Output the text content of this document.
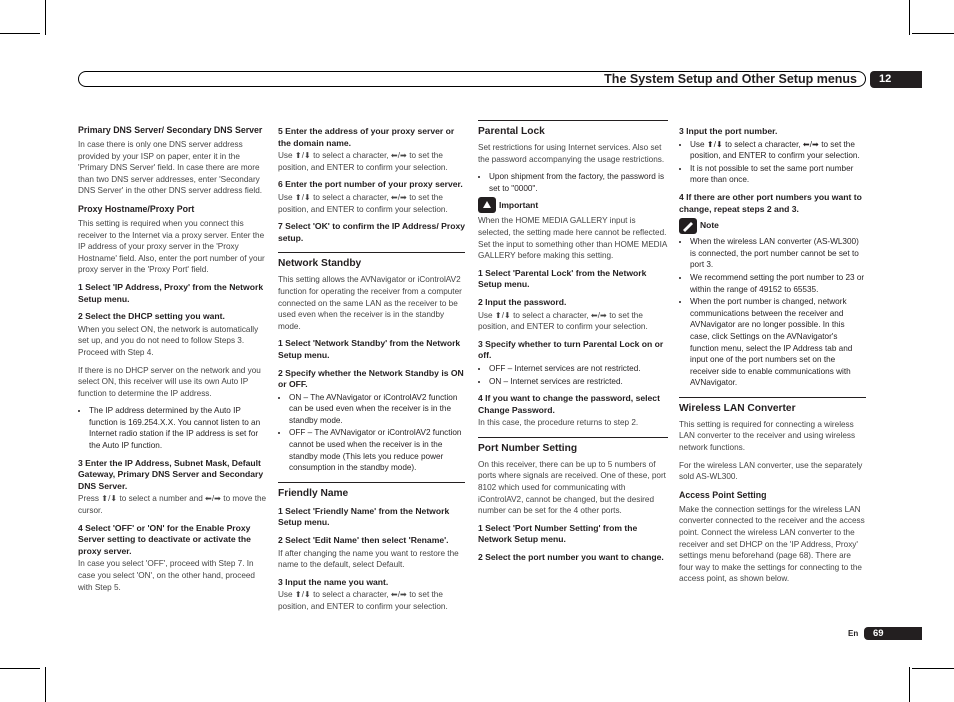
The System Setup and Other Setup menus	12
Primary DNS Server/ Secondary DNS Server
In case there is only one DNS server address provided by your ISP on paper, enter it in the 'Primary DNS Server' field. In case there are more than two DNS server addresses, enter 'Secondary DNS Server' in the other DNS server address field.
Proxy Hostname/Proxy Port
This setting is required when you connect this receiver to the Internet via a proxy server. Enter the IP address of your proxy server in the 'Proxy Hostname' field. Also, enter the port number of your proxy server in the 'Proxy Port' field.
1 Select 'IP Address, Proxy' from the Network Setup menu.
2 Select the DHCP setting you want.
When you select ON, the network is automatically set up, and you do not need to follow Steps 3. Proceed with Step 4.
If there is no DHCP server on the network and you select ON, this receiver will use its own Auto IP function to determine the IP address.
• The IP address determined by the Auto IP function is 169.254.X.X. You cannot listen to an Internet radio station if the IP address is set for the Auto IP function.
3 Enter the IP Address, Subnet Mask, Default Gateway, Primary DNS Server and Secondary DNS Server.
Press ⬆/⬇ to select a number and ⬅/➡ to move the cursor.
4 Select 'OFF' or 'ON' for the Enable Proxy Server setting to deactivate or activate the proxy server.
In case you select 'OFF', proceed with Step 7. In case you select 'ON', on the other hand, proceed with Step 5.
5 Enter the address of your proxy server or the domain name.
Use ⬆/⬇ to select a character, ⬅/➡ to set the position, and ENTER to confirm your selection.
6 Enter the port number of your proxy server.
Use ⬆/⬇ to select a character, ⬅/➡ to set the position, and ENTER to confirm your selection.
7 Select 'OK' to confirm the IP Address/ Proxy setup.
Network Standby
This setting allows the AVNavigator or iControlAV2 function for operating the receiver from a computer connected on the same LAN as the receiver to be used even when the receiver is in the standby mode.
1 Select 'Network Standby' from the Network Setup menu.
2 Specify whether the Network Standby is ON or OFF.
• ON – The AVNavigator or iControlAV2 function can be used even when the receiver is in the standby mode.
• OFF – The AVNavigator or iControlAV2 function cannot be used when the receiver is in the standby mode (This lets you reduce power consumption in the standby mode).
Friendly Name
1 Select 'Friendly Name' from the Network Setup menu.
2 Select 'Edit Name' then select 'Rename'.
If after changing the name you want to restore the name to the default, select Default.
3 Input the name you want.
Use ⬆/⬇ to select a character, ⬅/➡ to set the position, and ENTER to confirm your selection.
Parental Lock
Set restrictions for using Internet services. Also set the password accompanying the usage restrictions.
• Upon shipment from the factory, the password is set to "0000".
Important
When the HOME MEDIA GALLERY input is selected, the setting made here cannot be reflected. Set the input to something other than HOME MEDIA GALLERY before making this setting.
1 Select 'Parental Lock' from the Network Setup menu.
2 Input the password.
Use ⬆/⬇ to select a character, ⬅/➡ to set the position, and ENTER to confirm your selection.
3 Specify whether to turn Parental Lock on or off.
• OFF – Internet services are not restricted.
• ON – Internet services are restricted.
4 If you want to change the password, select Change Password.
In this case, the procedure returns to step 2.
Port Number Setting
On this receiver, there can be up to 5 numbers of ports where signals are received. One of these, port 8102 which used for communicating with iControlAV2, cannot be changed, but the desired number can be set for the 4 other ports.
1 Select 'Port Number Setting' from the Network Setup menu.
2 Select the port number you want to change.
3 Input the port number.
• Use ⬆/⬇ to select a character, ⬅/➡ to set the position, and ENTER to confirm your selection.
• It is not possible to set the same port number more than once.
4 If there are other port numbers you want to change, repeat steps 2 and 3.
Note
• When the wireless LAN converter (AS-WL300) is connected, the port number cannot be set to port 3.
• We recommend setting the port number to 23 or within the range of 49152 to 65535.
• When the port number is changed, network communications between the receiver and AVNavigator are no longer possible. In this case, click Settings on the AVNavigator's function menu, select the IP Address tab and input one of the port numbers set on the receiver side to enable communications with AVNavigator.
Wireless LAN Converter
This setting is required for connecting a wireless LAN converter to the receiver and using wireless network functions.
For the wireless LAN converter, use the separately sold AS-WL300.
Access Point Setting
Make the connection settings for the wireless LAN converter connected to the receiver and the access point. Connect the wireless LAN converter to the receiver and set DHCP on the 'IP Address, Proxy' settings menu beforehand (page 68). There are four way to make the settings for connecting to the access point, as shown below.
En	69
